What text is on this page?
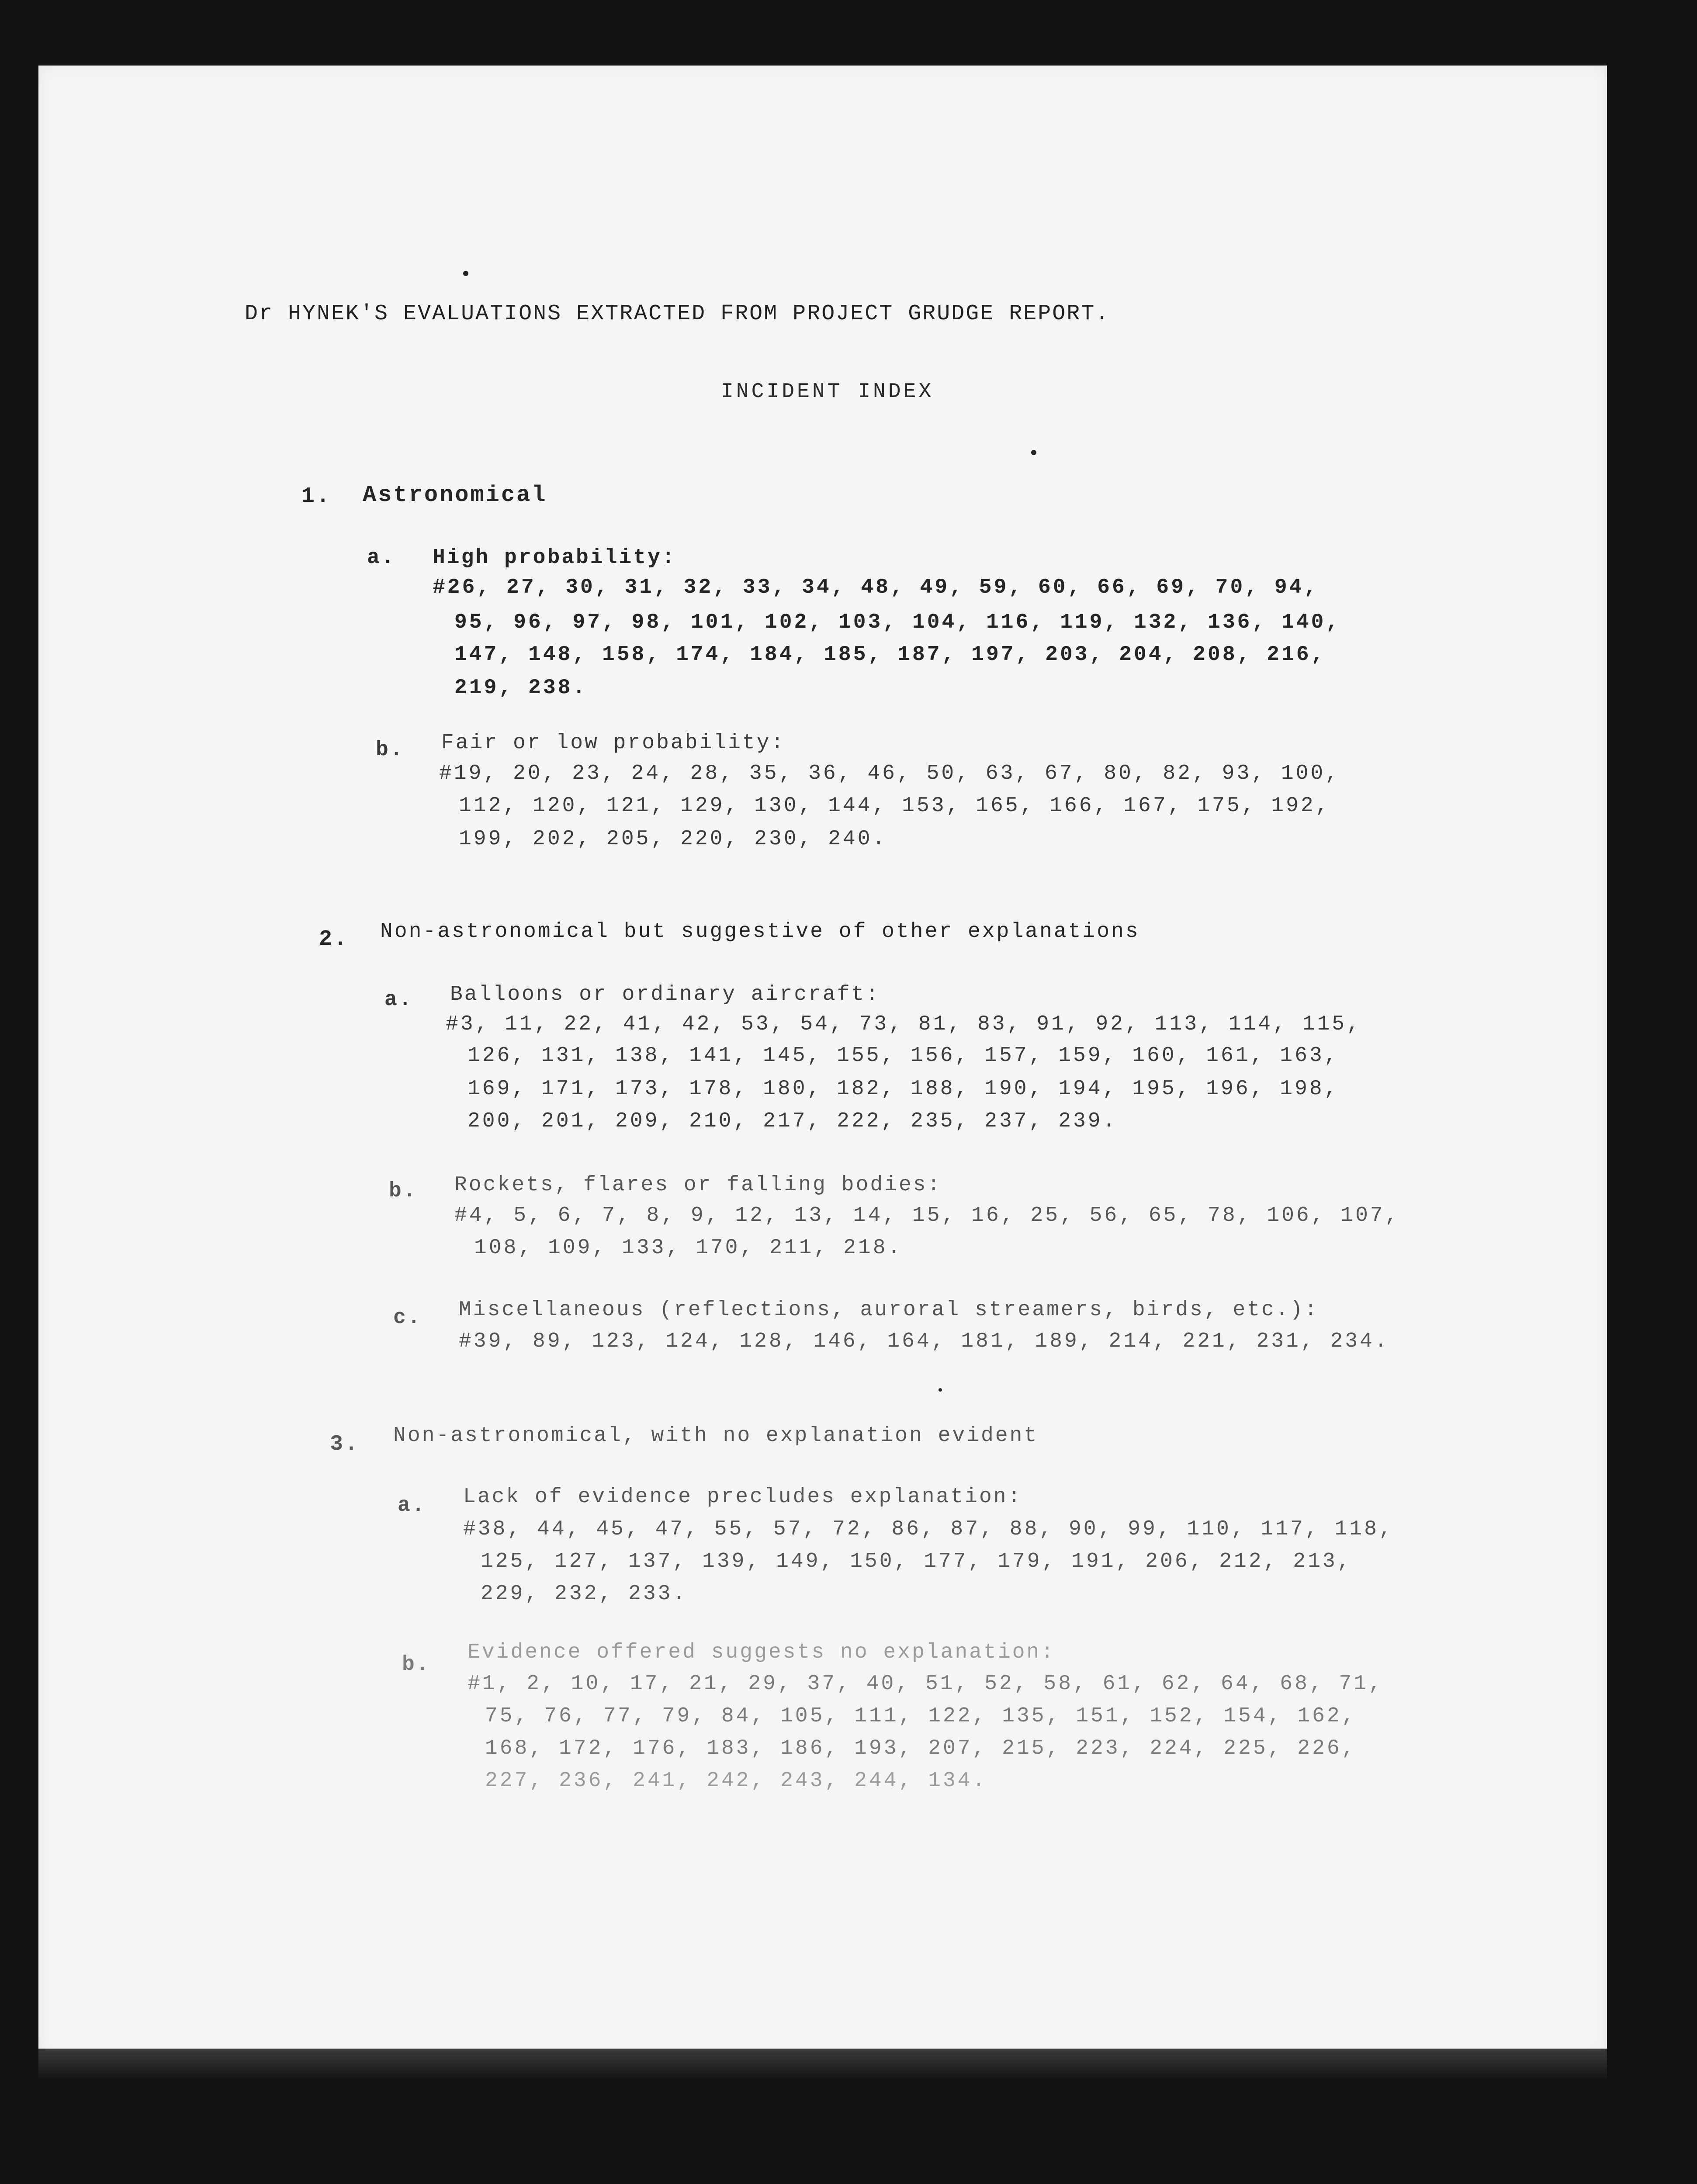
Dr HYNEK'S EVALUATIONS EXTRACTED FROM PROJECT GRUDGE REPORT.
INCIDENT INDEX
1. Astronomical
a. High probability:
#26, 27, 30, 31, 32, 33, 34, 48, 49, 59, 60, 66, 69, 70, 94,
95, 96, 97, 98, 101, 102, 103, 104, 116, 119, 132, 136, 140,
147, 148, 158, 174, 184, 185, 187, 197, 203, 204, 208, 216,
219, 238.
b. Fair or low probability:
#19, 20, 23, 24, 28, 35, 36, 46, 50, 63, 67, 80, 82, 93, 100,
112, 120, 121, 129, 130, 144, 153, 165, 166, 167, 175, 192,
199, 202, 205, 220, 230, 240.
2. Non-astronomical but suggestive of other explanations
a. Balloons or ordinary aircraft:
#3, 11, 22, 41, 42, 53, 54, 73, 81, 83, 91, 92, 113, 114, 115,
126, 131, 138, 141, 145, 155, 156, 157, 159, 160, 161, 163,
169, 171, 173, 178, 180, 182, 188, 190, 194, 195, 196, 198,
200, 201, 209, 210, 217, 222, 235, 237, 239.
b. Rockets, flares or falling bodies:
#4, 5, 6, 7, 8, 9, 12, 13, 14, 15, 16, 25, 56, 65, 78, 106, 107,
108, 109, 133, 170, 211, 218.
c. Miscellaneous (reflections, auroral streamers, birds, etc.):
#39, 89, 123, 124, 128, 146, 164, 181, 189, 214, 221, 231, 234.
3. Non-astronomical, with no explanation evident
a. Lack of evidence precludes explanation:
#38, 44, 45, 47, 55, 57, 72, 86, 87, 88, 90, 99, 110, 117, 118,
125, 127, 137, 139, 149, 150, 177, 179, 191, 206, 212, 213,
229, 232, 233.
b.
Evidence offered suggests no explanation:
#1, 2, 10, 17, 21, 29, 37, 40, 51, 52, 58, 61, 62, 64, 68, 71,
75, 76, 77, 79, 84, 105, 111, 122, 135, 151, 152, 154, 162,
168, 172, 176, 183, 186, 193, 207, 215, 223, 224, 225, 226,
227, 236, 241, 242, 243, 244, 134.
